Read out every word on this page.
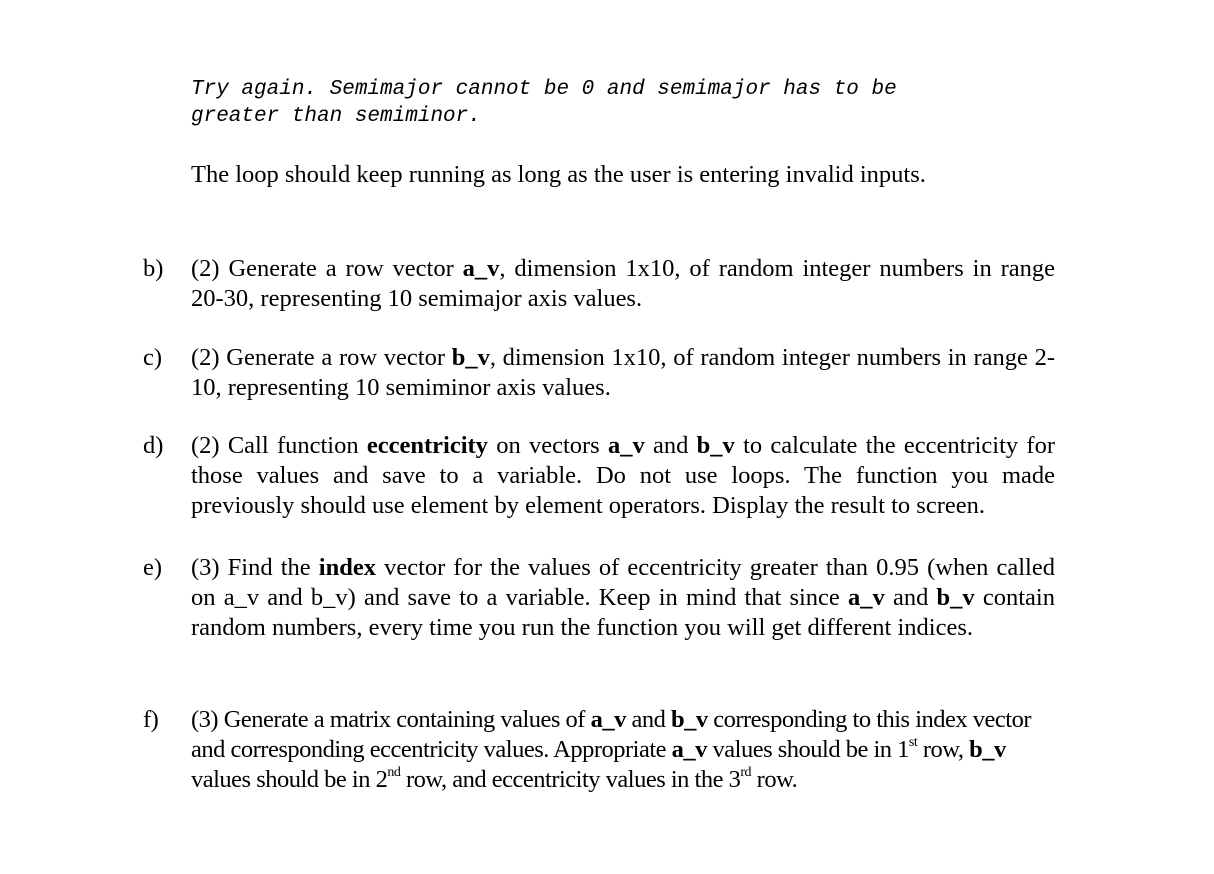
Try again. Semimajor cannot be 0 and semimajor has to be
greater than semiminor.
The loop should keep running as long as the user is entering invalid inputs.
b)	(2) Generate a row vector a_v, dimension 1x10, of random integer numbers in range 20-30, representing 10 semimajor axis values.
c)	(2) Generate a row vector b_v, dimension 1x10, of random integer numbers in range 2-10, representing 10 semiminor axis values.
d)	(2) Call function eccentricity on vectors a_v and b_v to calculate the eccentricity for those values and save to a variable. Do not use loops. The function you made previously should use element by element operators. Display the result to screen.
e)	(3) Find the index vector for the values of eccentricity greater than 0.95 (when called on a_v and b_v) and save to a variable. Keep in mind that since a_v and b_v contain random numbers, every time you run the function you will get different indices.
f)	(3) Generate a matrix containing values of a_v and b_v corresponding to this index vector and corresponding eccentricity values. Appropriate a_v values should be in 1st row, b_v values should be in 2nd row, and eccentricity values in the 3rd row.
